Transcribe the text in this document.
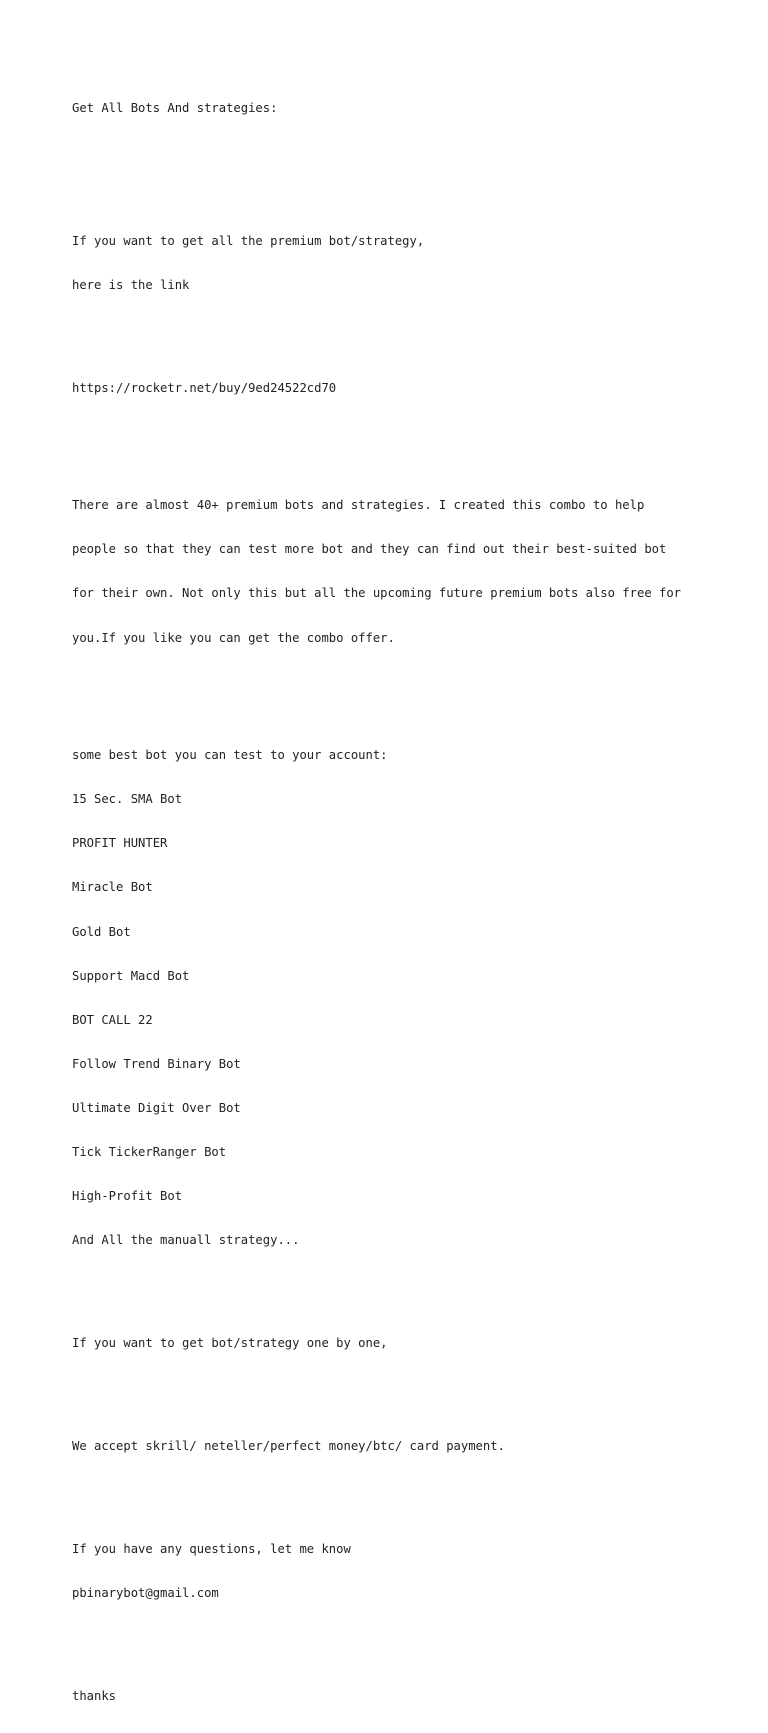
Get All Bots And strategies:

If you want to get all the premium bot/strategy,

here is the link

https://rocketr.net/buy/9ed24522cd70

There are almost 40+ premium bots and strategies. I created this combo to help

people so that they can test more bot and they can find out their best-suited bot

for their own. Not only this but all the upcoming future premium bots also free for

you.If you like you can get the combo offer.

some best bot you can test to your account:

15 Sec. SMA Bot

PROFIT HUNTER

Miracle Bot

Gold Bot

Support Macd Bot

BOT CALL 22

Follow Trend Binary Bot

Ultimate Digit Over Bot

Tick TickerRanger Bot

High-Profit Bot

And All the manuall strategy...

If you want to get bot/strategy one by one,

We accept skrill/ neteller/perfect money/btc/ card payment.

If you have any questions, let me know

pbinarybot@gmail.com

thanks
